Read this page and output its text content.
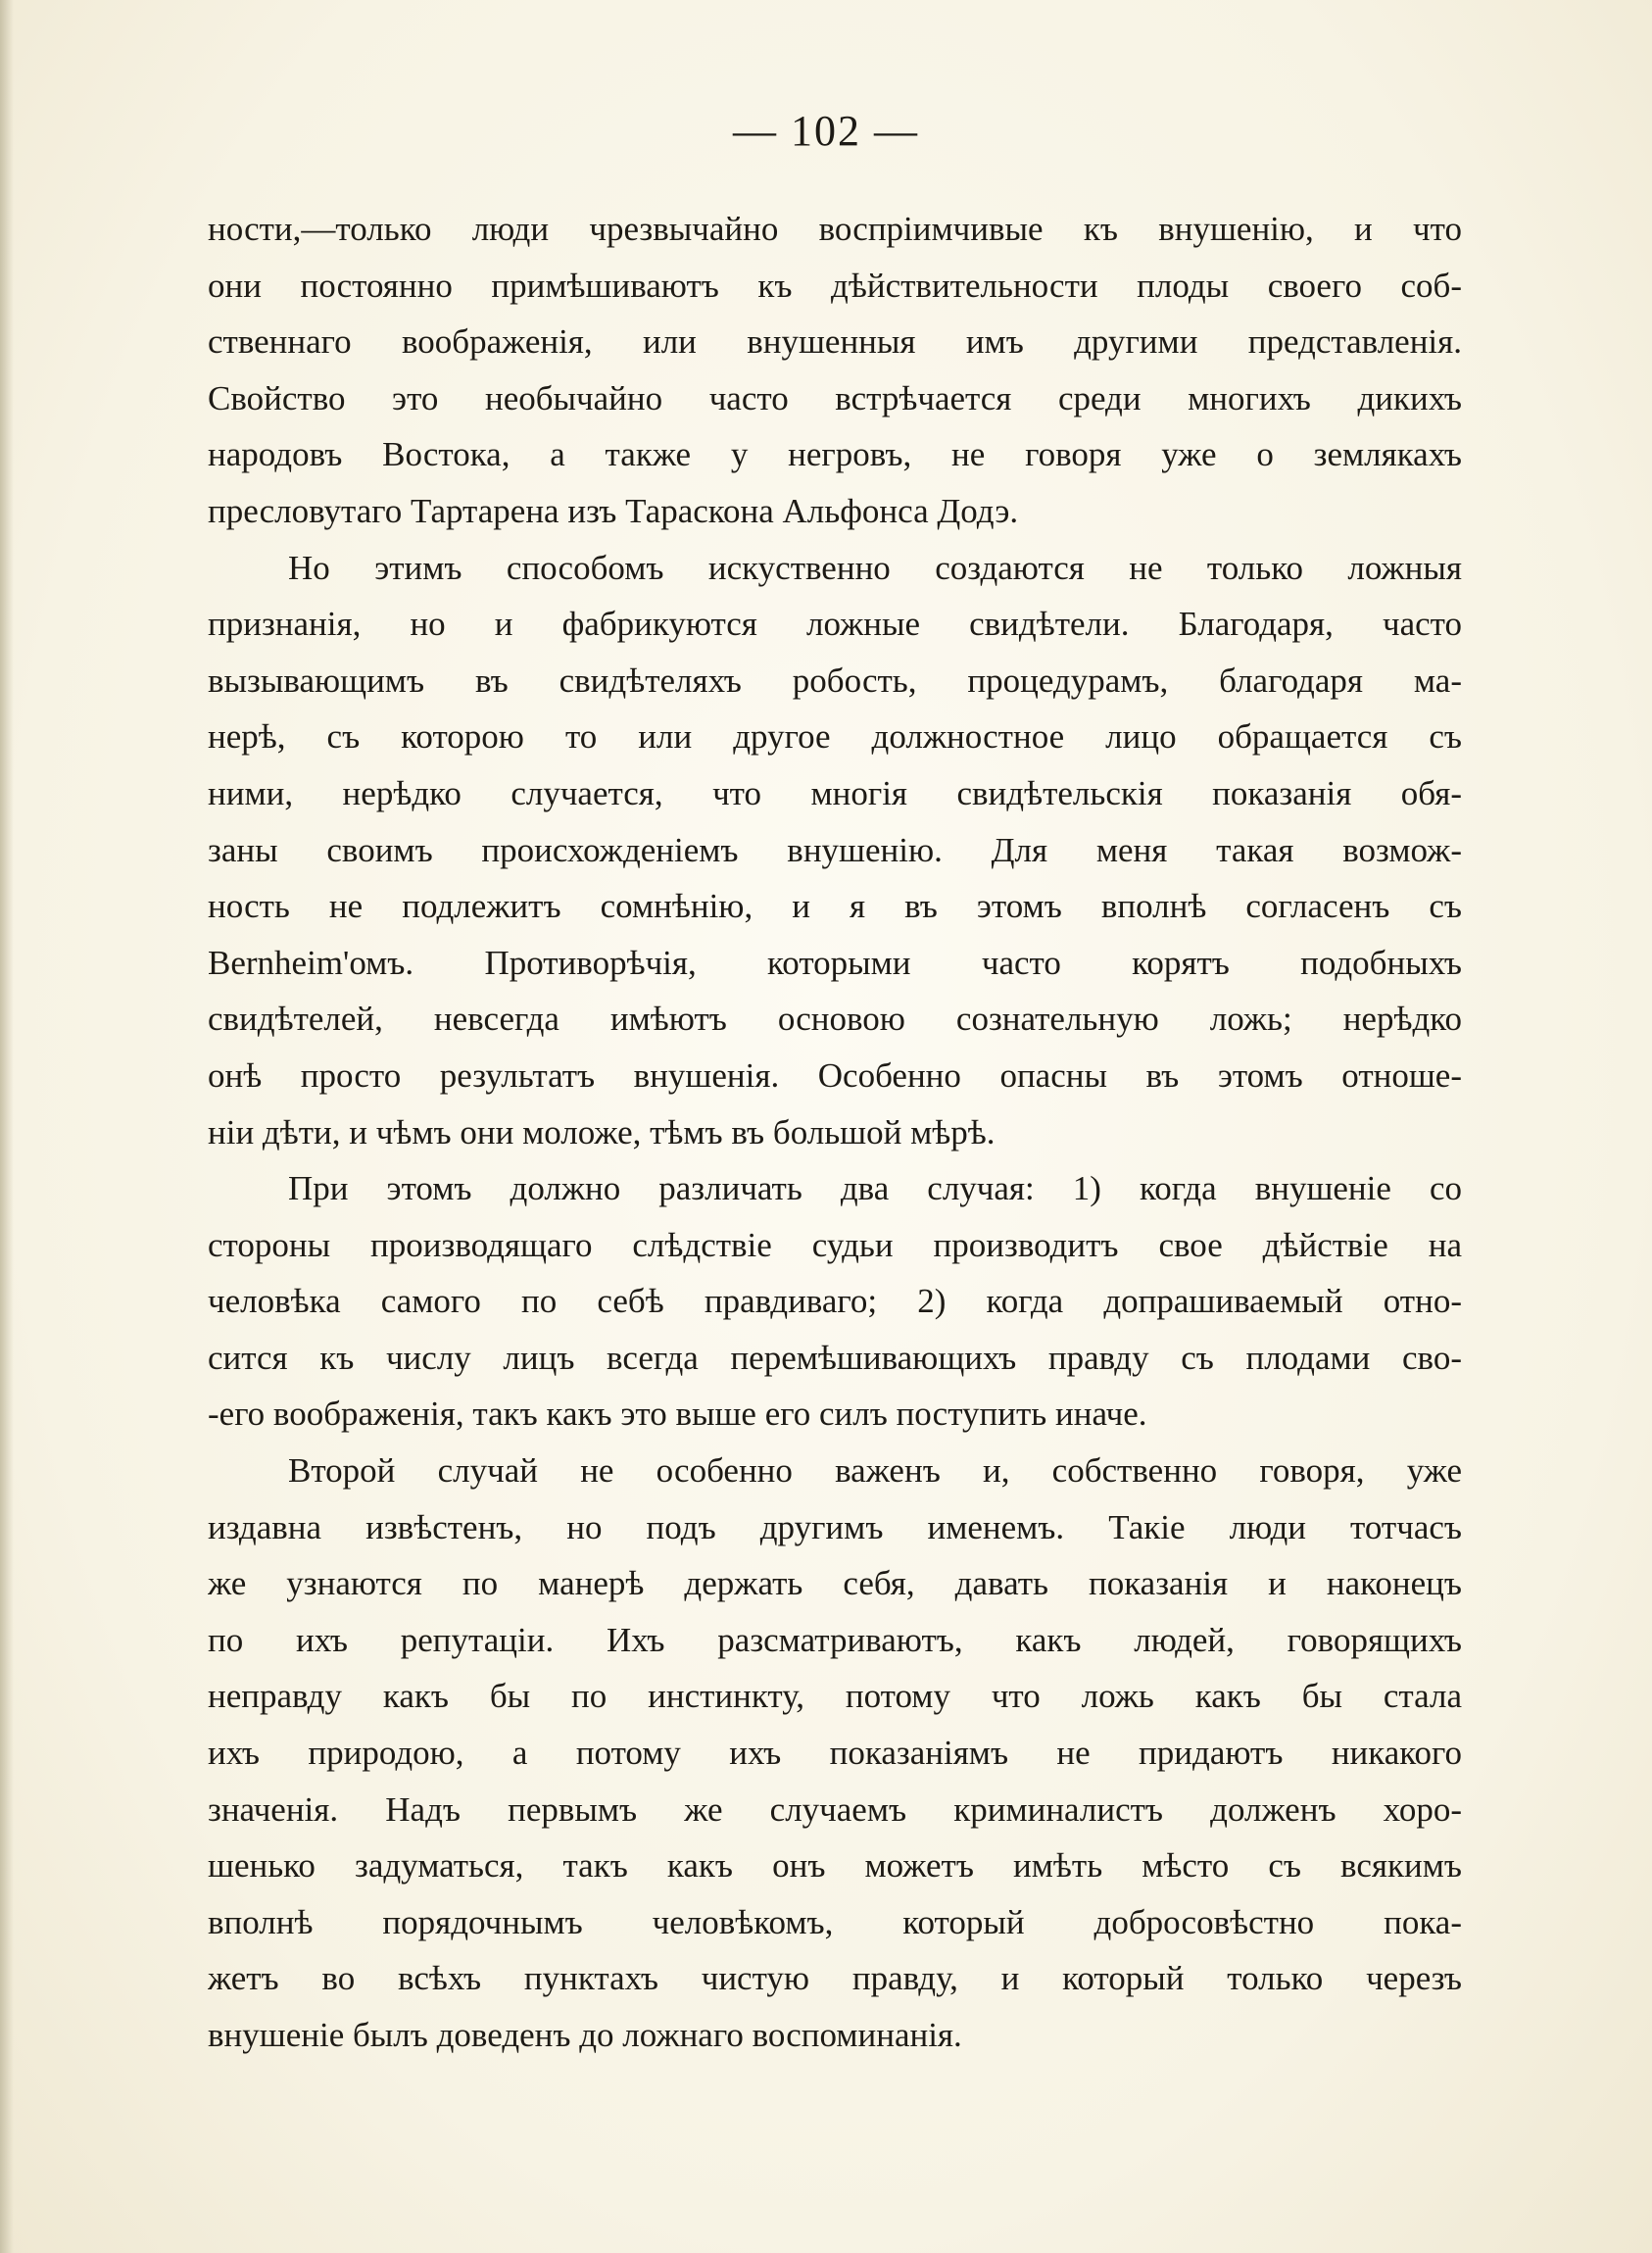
— 102 —
ности,—только люди чрезвычайно воспріимчивые къ внушенію, и что
они постоянно примѣшиваютъ къ дѣйствительности плоды своего соб-
ственнаго воображенія, или внушенныя имъ другими представленія.
Свойство это необычайно часто встрѣчается среди многихъ дикихъ
народовъ Востока, а также у негровъ, не говоря уже о землякахъ
пресловутаго Тартарена изъ Тараскона Альфонса Додэ.
Но этимъ способомъ искуственно создаются не только ложныя
признанія, но и фабрикуются ложные свидѣтели. Благодаря, часто
вызывающимъ въ свидѣтеляхъ робость, процедурамъ, благодаря ма-
нерѣ, съ которою то или другое должностное лицо обращается съ
ними, нерѣдко случается, что многія свидѣтельскія показанія обя-
заны своимъ происхожденіемъ внушенію. Для меня такая возмож-
ность не подлежитъ сомнѣнію, и я въ этомъ вполнѣ согласенъ съ
Bernheim'омъ. Противорѣчія, которыми часто корятъ подобныхъ
свидѣтелей, невсегда имѣютъ основою сознательную ложь; нерѣдко
онѣ просто результатъ внушенія. Особенно опасны въ этомъ отноше-
ніи дѣти, и чѣмъ они моложе, тѣмъ въ большой мѣрѣ.
При этомъ должно различать два случая: 1) когда внушеніе со
стороны производящаго слѣдствіе судьи производитъ свое дѣйствіе на
человѣка самого по себѣ правдиваго; 2) когда допрашиваемый отно-
сится къ числу лицъ всегда перемѣшивающихъ правду съ плодами сво-
-его воображенія, такъ какъ это выше его силъ поступить иначе.
Второй случай не особенно важенъ и, собственно говоря, уже
издавна извѣстенъ, но подъ другимъ именемъ. Такіе люди тотчасъ
же узнаются по манерѣ держать себя, давать показанія и наконецъ
по ихъ репутаціи. Ихъ разсматриваютъ, какъ людей, говорящихъ
неправду какъ бы по инстинкту, потому что ложь какъ бы стала
ихъ природою, а потому ихъ показаніямъ не придаютъ никакого
значенія. Надъ первымъ же случаемъ криминалистъ долженъ хоро-
шенько задуматься, такъ какъ онъ можетъ имѣть мѣсто съ всякимъ
вполнѣ порядочнымъ человѣкомъ, который добросовѣстно пока-
жетъ во всѣхъ пунктахъ чистую правду, и который только черезъ
внушеніе былъ доведенъ до ложнаго воспоминанія.
